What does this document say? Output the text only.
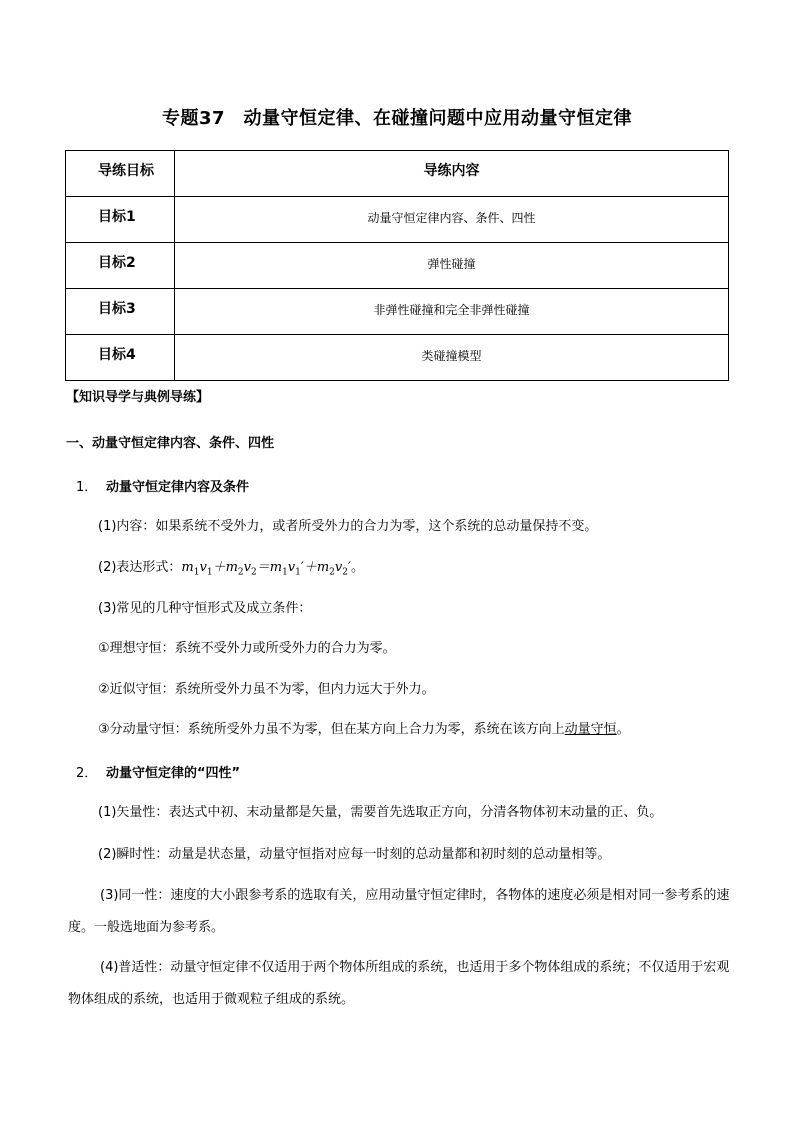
专题37　动量守恒定律、在碰撞问题中应用动量守恒定律
导练目标	导练内容

目标1	动量守恒定律内容、条件、四性

目标2	弹性碰撞

目标3	非弹性碰撞和完全非弹性碰撞

目标4	类碰撞模型
【知识导学与典例导练】
一、动量守恒定律内容、条件、四性
1． 动量守恒定律内容及条件
(1)内容：如果系统不受外力，或者所受外力的合力为零，这个系统的总动量保持不变。
(2)表达形式：$m_1v_1+m_2v_2=m_1v_1'+m_2v_2'$。
(3)常见的几种守恒形式及成立条件：
①理想守恒：系统不受外力或所受外力的合力为零。
②近似守恒：系统所受外力虽不为零，但内力远大于外力。
③分动量守恒：系统所受外力虽不为零，但在某方向上合力为零，系统在该方向上动量守恒。
2． 动量守恒定律的“四性”
(1)矢量性：表达式中初、末动量都是矢量，需要首先选取正方向，分清各物体初末动量的正、负。
(2)瞬时性：动量是状态量，动量守恒指对应每一时刻的总动量都和初时刻的总动量相等。
(3)同一性：速度的大小跟参考系的选取有关，应用动量守恒定律时，各物体的速度必须是相对同一参考系的速度。一般选地面为参考系。
(4)普适性：动量守恒定律不仅适用于两个物体所组成的系统，也适用于多个物体组成的系统；不仅适用于宏观物体组成的系统，也适用于微观粒子组成的系统。
